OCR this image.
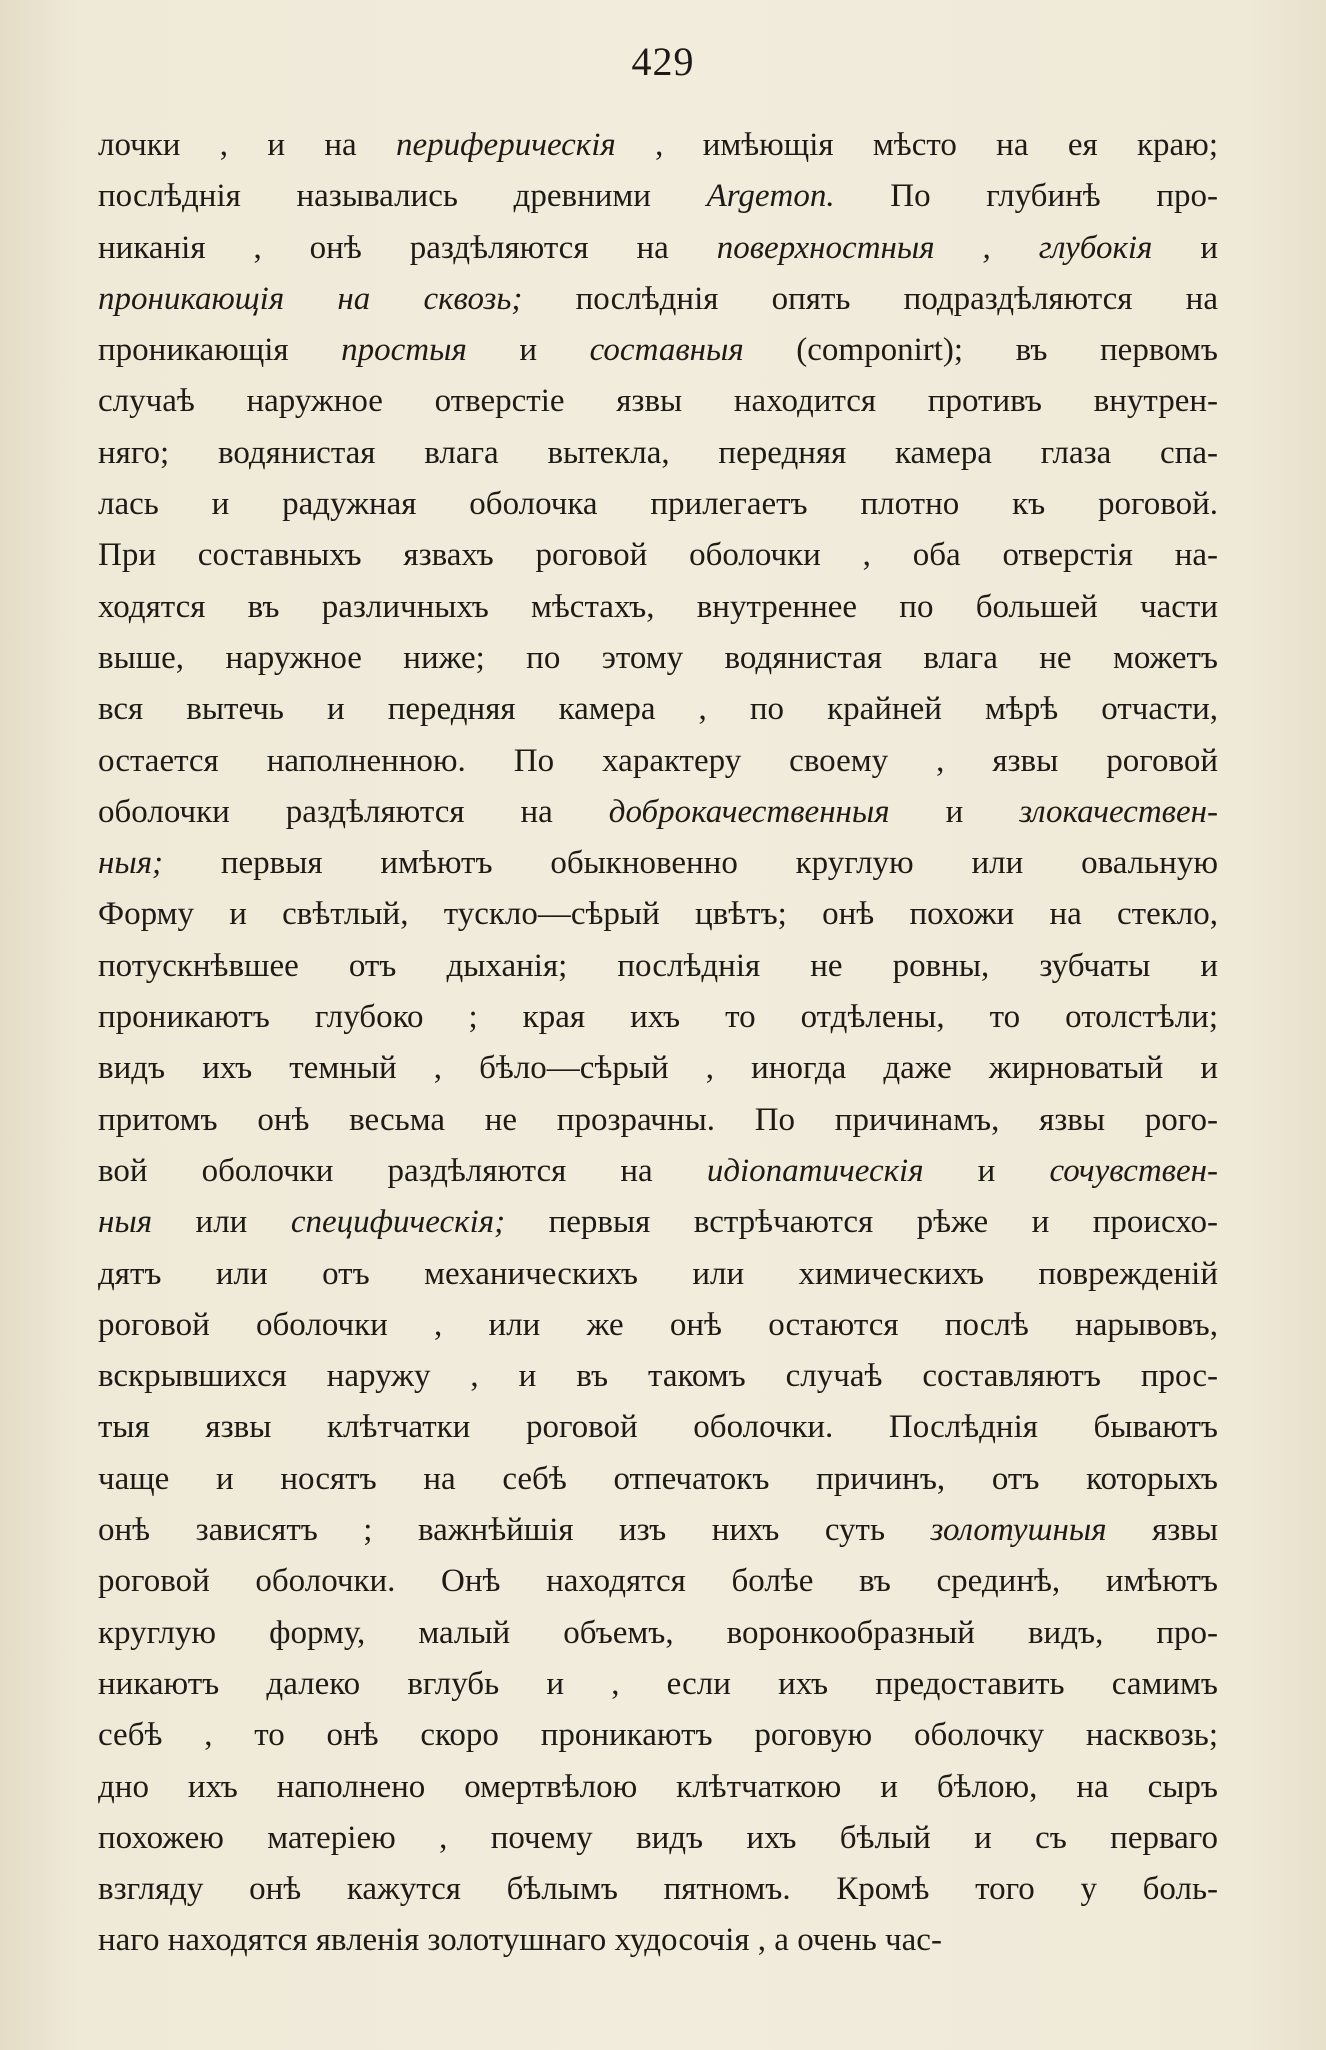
429
лочки , и на периферическія , имѣющія мѣсто на ея краю;
послѣднія назывались древними Argemon. По глубинѣ про-
никанія , онѣ раздѣляются на поверхностныя , глубокія и
проникающія на сквозь; послѣднія опять подраздѣляются на
проникающія простыя и составныя (componirt); въ первомъ
случаѣ наружное отверстіе язвы находится противъ внутрен-
няго; водянистая влага вытекла, передняя камера глаза спа-
лась и радужная оболочка прилегаетъ плотно къ роговой.
При составныхъ язвахъ роговой оболочки , оба отверстія на-
ходятся въ различныхъ мѣстахъ, внутреннее по большей части
выше, наружное ниже; по этому водянистая влага не можетъ
вся вытечь и передняя камера , по крайней мѣрѣ отчасти,
остается наполненною. По характеру своему , язвы роговой
оболочки раздѣляются на доброкачественныя и злокачествен-
ныя; первыя имѣютъ обыкновенно круглую или овальную
Форму и свѣтлый, тускло—сѣрый цвѣтъ; онѣ похожи на стекло,
потускнѣвшее отъ дыханія; послѣднія не ровны, зубчаты и
проникаютъ глубоко ; края ихъ то отдѣлены, то отолстѣли;
видъ ихъ темный , бѣло—сѣрый , иногда даже жирноватый и
притомъ онѣ весьма не прозрачны. По причинамъ, язвы рого-
вой оболочки раздѣляются на идіопатическія и сочувствен-
ныя или специфическія; первыя встрѣчаются рѣже и происхо-
дятъ или отъ механическихъ или химическихъ поврежденій
роговой оболочки , или же онѣ остаются послѣ нарывовъ,
вскрывшихся наружу , и въ такомъ случаѣ составляютъ прос-
тыя язвы клѣтчатки роговой оболочки. Послѣднія бываютъ
чаще и носятъ на себѣ отпечатокъ причинъ, отъ которыхъ
онѣ зависятъ ; важнѣйшія изъ нихъ суть золотушныя язвы
роговой оболочки. Онѣ находятся болѣе въ срединѣ, имѣютъ
круглую форму, малый объемъ, воронкообразный видъ, про-
никаютъ далеко вглубь и , если ихъ предоставить самимъ
себѣ , то онѣ скоро проникаютъ роговую оболочку насквозь;
дно ихъ наполнено омертвѣлою клѣтчаткою и бѣлою, на сыръ
похожею матеріею , почему видъ ихъ бѣлый и съ перваго
взгляду онѣ кажутся бѣлымъ пятномъ. Кромѣ того у боль-
наго находятся явленія золотушнаго худосочія , а очень час-
